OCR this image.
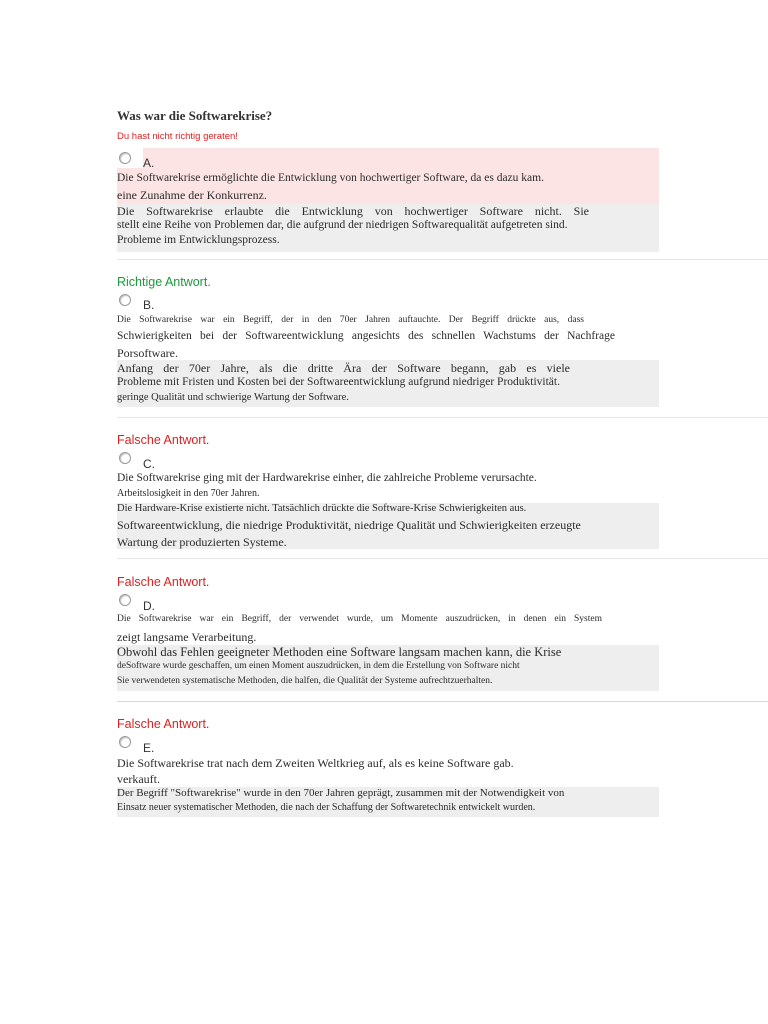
Was war die Softwarekrise?
Du hast nicht richtig geraten!
A.
Die Softwarekrise ermöglichte die Entwicklung von hochwertiger Software, da es dazu kam.
eine Zunahme der Konkurrenz.
Die Softwarekrise erlaubte die Entwicklung von hochwertiger Software nicht. Sie
stellt eine Reihe von Problemen dar, die aufgrund der niedrigen Softwarequalität aufgetreten sind.
Probleme im Entwicklungsprozess.
Richtige Antwort.
B.
Die Softwarekrise war ein Begriff, der in den 70er Jahren auftauchte. Der Begriff drückte aus, dass
Schwierigkeiten bei der Softwareentwicklung angesichts des schnellen Wachstums der Nachfrage
Porsoftware.
Anfang der 70er Jahre, als die dritte Ära der Software begann, gab es viele
Probleme mit Fristen und Kosten bei der Softwareentwicklung aufgrund niedriger Produktivität.
geringe Qualität und schwierige Wartung der Software.
Falsche Antwort.
C.
Die Softwarekrise ging mit der Hardwarekrise einher, die zahlreiche Probleme verursachte.
Arbeitslosigkeit in den 70er Jahren.
Die Hardware-Krise existierte nicht. Tatsächlich drückte die Software-Krise Schwierigkeiten aus.
Softwareentwicklung, die niedrige Produktivität, niedrige Qualität und Schwierigkeiten erzeugte
Wartung der produzierten Systeme.
Falsche Antwort.
D.
Die Softwarekrise war ein Begriff, der verwendet wurde, um Momente auszudrücken, in denen ein System
zeigt langsame Verarbeitung.
Obwohl das Fehlen geeigneter Methoden eine Software langsam machen kann, die Krise
deSoftware wurde geschaffen, um einen Moment auszudrücken, in dem die Erstellung von Software nicht
Sie verwendeten systematische Methoden, die halfen, die Qualität der Systeme aufrechtzuerhalten.
Falsche Antwort.
E.
Die Softwarekrise trat nach dem Zweiten Weltkrieg auf, als es keine Software gab.
verkauft.
Der Begriff "Softwarekrise" wurde in den 70er Jahren geprägt, zusammen mit der Notwendigkeit von
Einsatz neuer systematischer Methoden, die nach der Schaffung der Softwaretechnik entwickelt wurden.
